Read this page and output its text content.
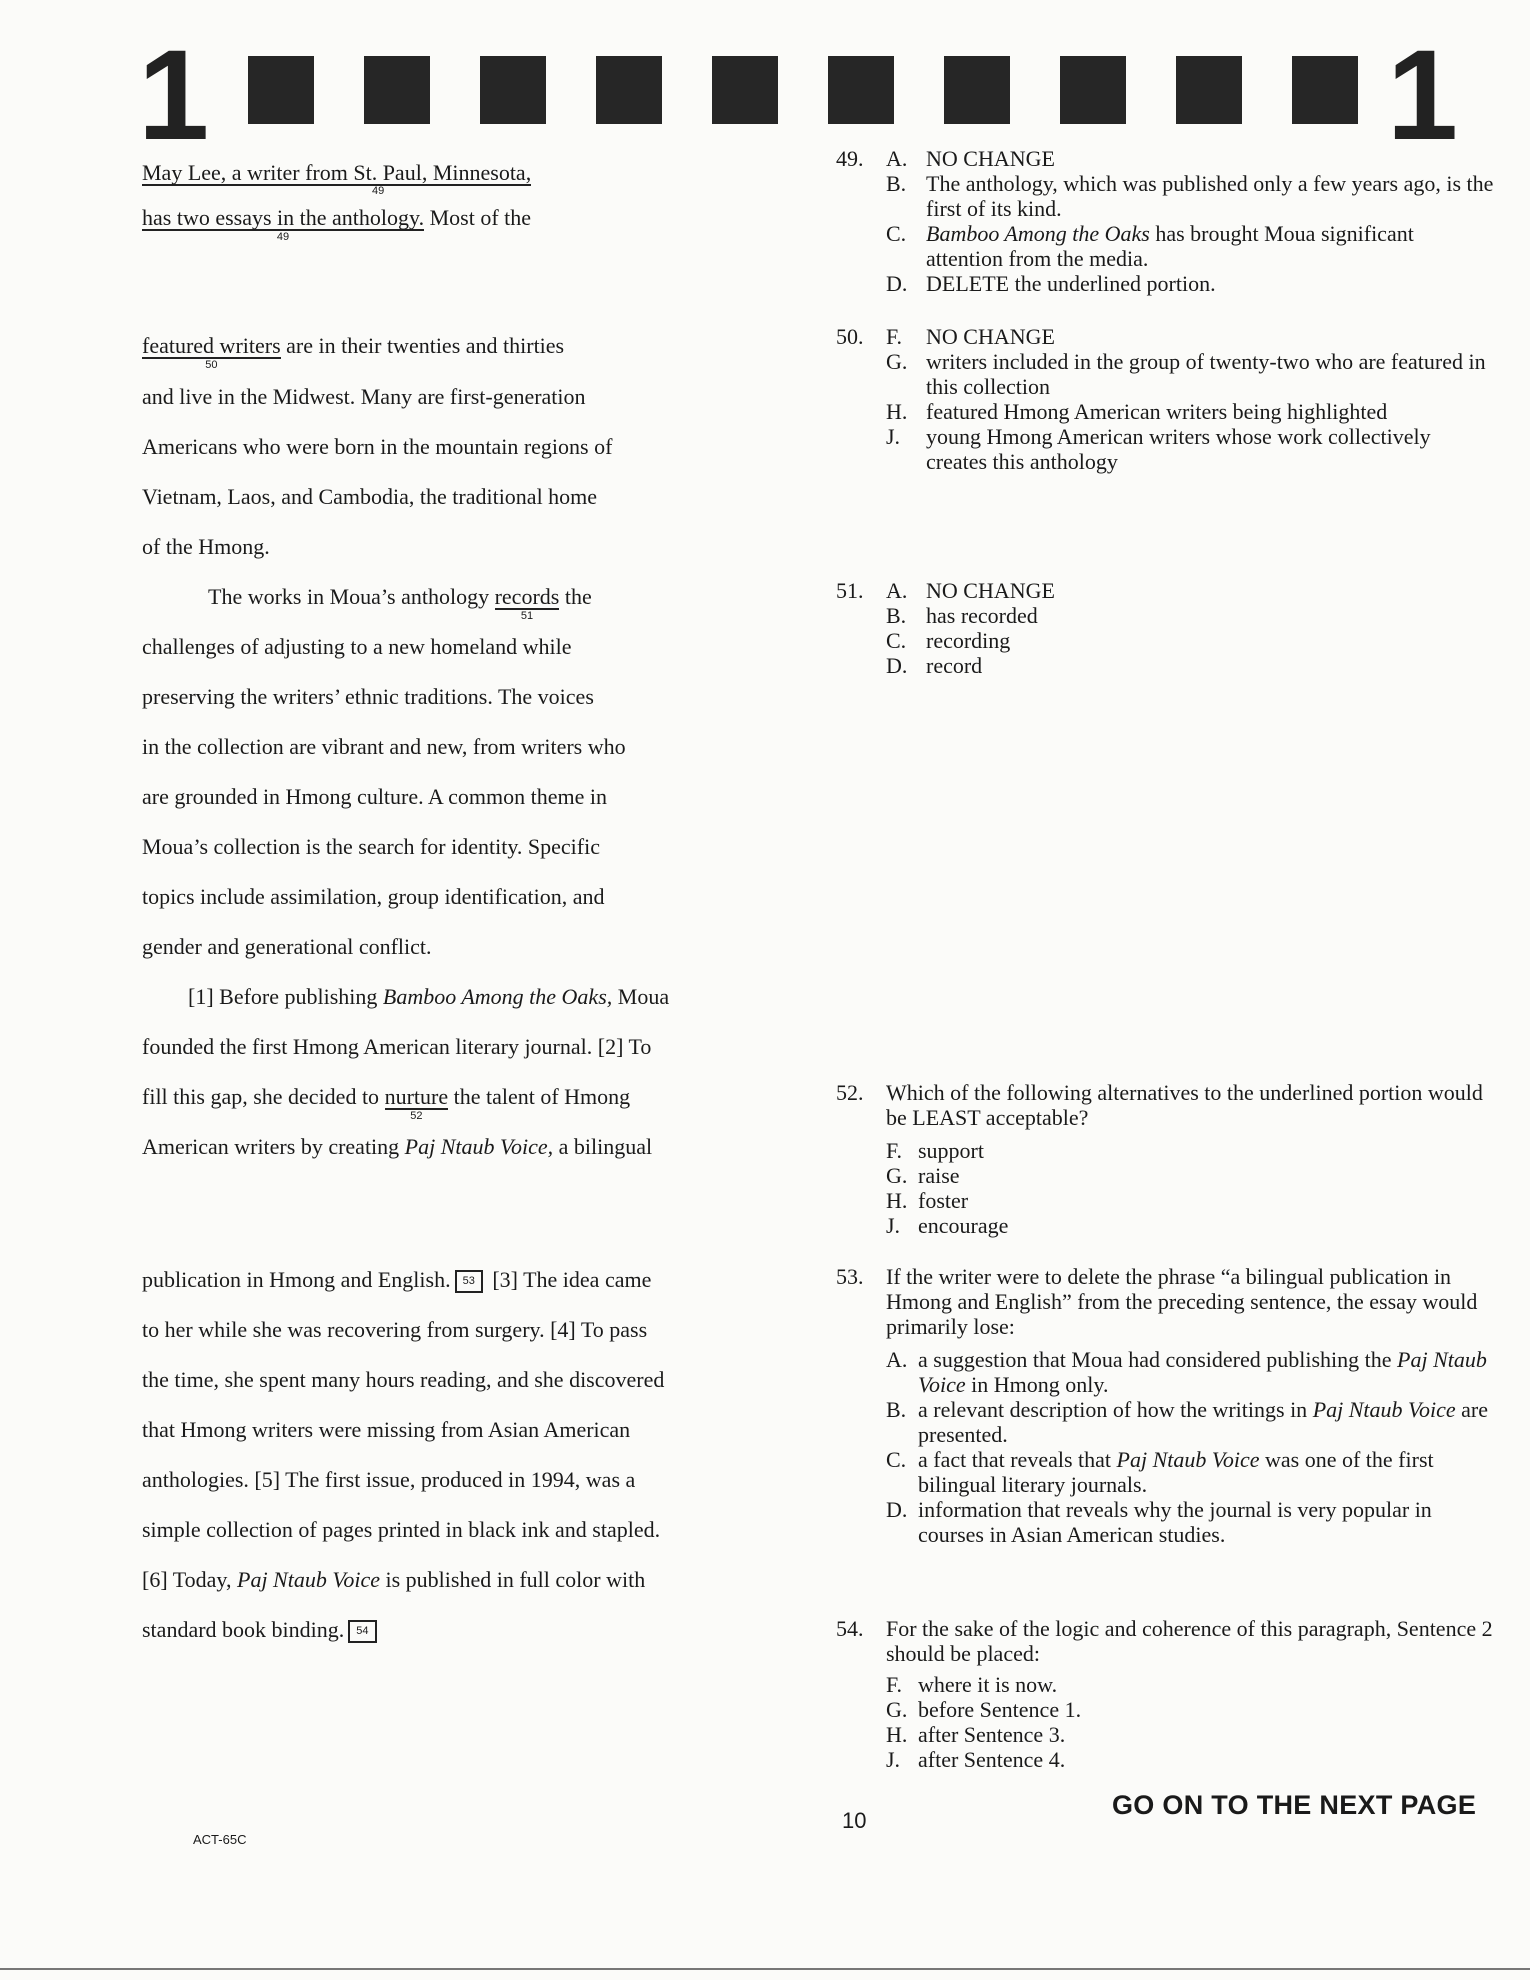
1	1
May Lee, a writer from St. Paul, Minnesota,
49
has two essays in the anthology.
49
Most of the
featured writers
50
are in their twenties and thirties
and live in the Midwest. Many are first-generation
Americans who were born in the mountain regions of
Vietnam, Laos, and Cambodia, the traditional home
of the Hmong.
The works in Moua’s anthology records
51
the
challenges of adjusting to a new homeland while
preserving the writers’ ethnic traditions. The voices
in the collection are vibrant and new, from writers who
are grounded in Hmong culture. A common theme in
Moua’s collection is the search for identity. Specific
topics include assimilation, group identification, and
gender and generational conflict.
[1] Before publishing Bamboo Among the Oaks, Moua
founded the first Hmong American literary journal. [2] To
fill this gap, she decided to nurture
52
the talent of Hmong
American writers by creating Paj Ntaub Voice, a bilingual
publication in Hmong and English. 53 [3] The idea came
to her while she was recovering from surgery. [4] To pass
the time, she spent many hours reading, and she discovered
that Hmong writers were missing from Asian American
anthologies. [5] The first issue, produced in 1994, was a
simple collection of pages printed in black ink and stapled.
[6] Today, Paj Ntaub Voice is published in full color with
standard book binding. 54
49. A. NO CHANGE
B. The anthology, which was published only a few years ago, is the first of its kind.
C. Bamboo Among the Oaks has brought Moua significant attention from the media.
D. DELETE the underlined portion.
50. F. NO CHANGE
G. writers included in the group of twenty-two who are featured in this collection
H. featured Hmong American writers being highlighted
J. young Hmong American writers whose work collectively creates this anthology
51. A. NO CHANGE
B. has recorded
C. recording
D. record
52. Which of the following alternatives to the underlined portion would be LEAST acceptable?
F. support
G. raise
H. foster
J. encourage
53. If the writer were to delete the phrase “a bilingual publication in Hmong and English” from the preceding sentence, the essay would primarily lose:
A. a suggestion that Moua had considered publishing the Paj Ntaub Voice in Hmong only.
B. a relevant description of how the writings in Paj Ntaub Voice are presented.
C. a fact that reveals that Paj Ntaub Voice was one of the first bilingual literary journals.
D. information that reveals why the journal is very popular in courses in Asian American studies.
54. For the sake of the logic and coherence of this paragraph, Sentence 2 should be placed:
F. where it is now.
G. before Sentence 1.
H. after Sentence 3.
J. after Sentence 4.
ACT-65C
10
GO ON TO THE NEXT PAGE
